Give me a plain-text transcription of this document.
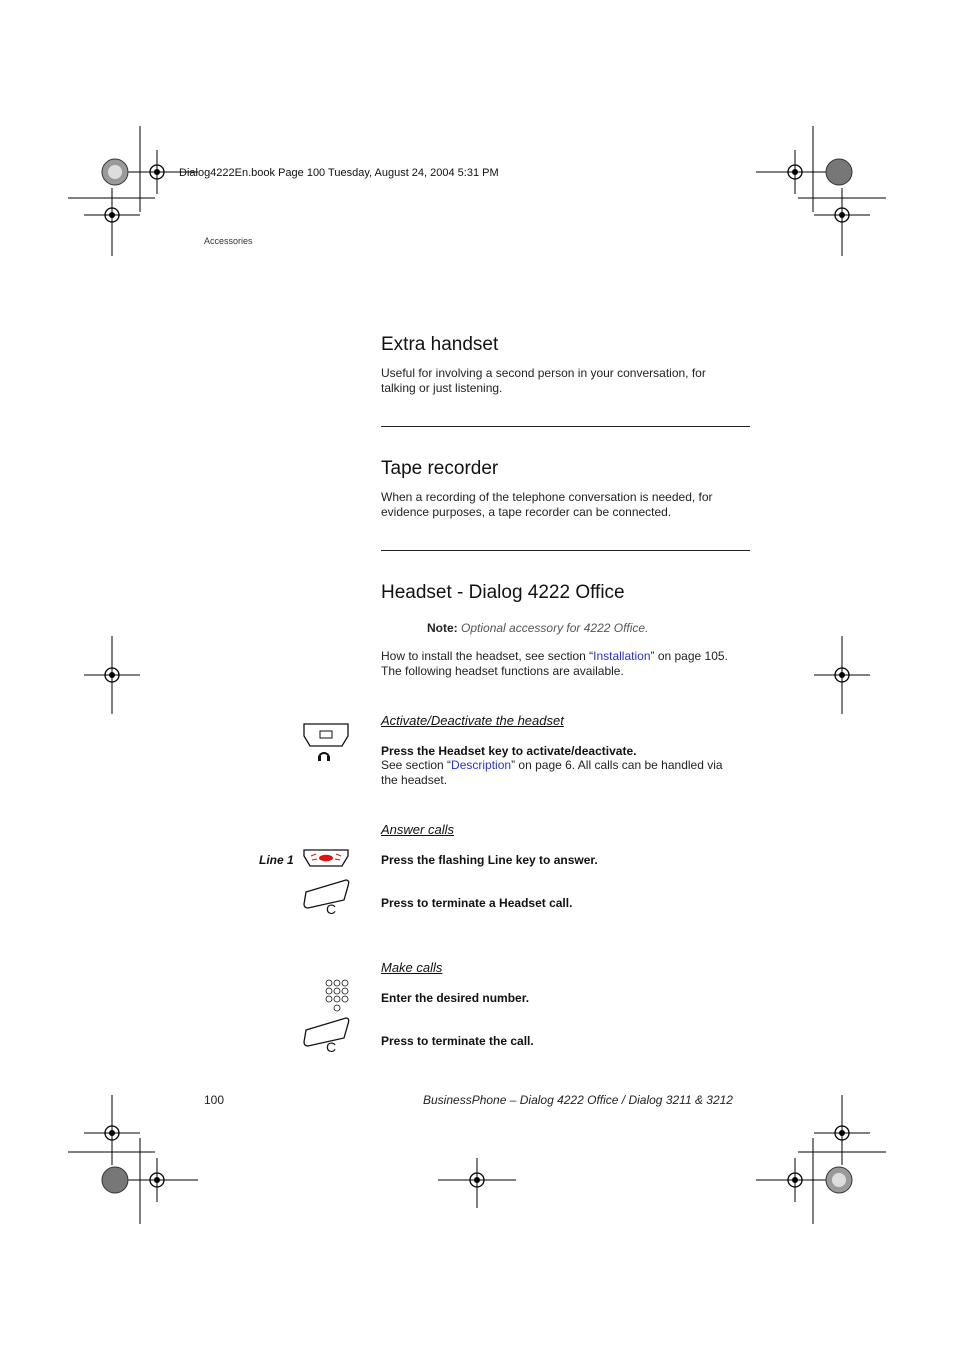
Dialog4222En.book Page 100 Tuesday, August 24, 2004 5:31 PM
Accessories
Extra handset
Useful for involving a second person in your conversation, for
talking or just listening.
Tape recorder
When a recording of the telephone conversation is needed, for
evidence purposes, a tape recorder can be connected.
Headset - Dialog 4222 Office
Note: Optional accessory for 4222 Office.
How to install the headset, see section “Installation” on page 105.
The following headset functions are available.
Activate/Deactivate the headset
Press the Headset key to activate/deactivate.
See section “Description” on page 6. All calls can be handled via
the headset.
Answer calls
Line 1	Press the flashing Line key to answer.
C	Press to terminate a Headset call.
Make calls
Enter the desired number.
C	Press to terminate the call.
100	BusinessPhone – Dialog 4222 Office / Dialog 3211 & 3212
